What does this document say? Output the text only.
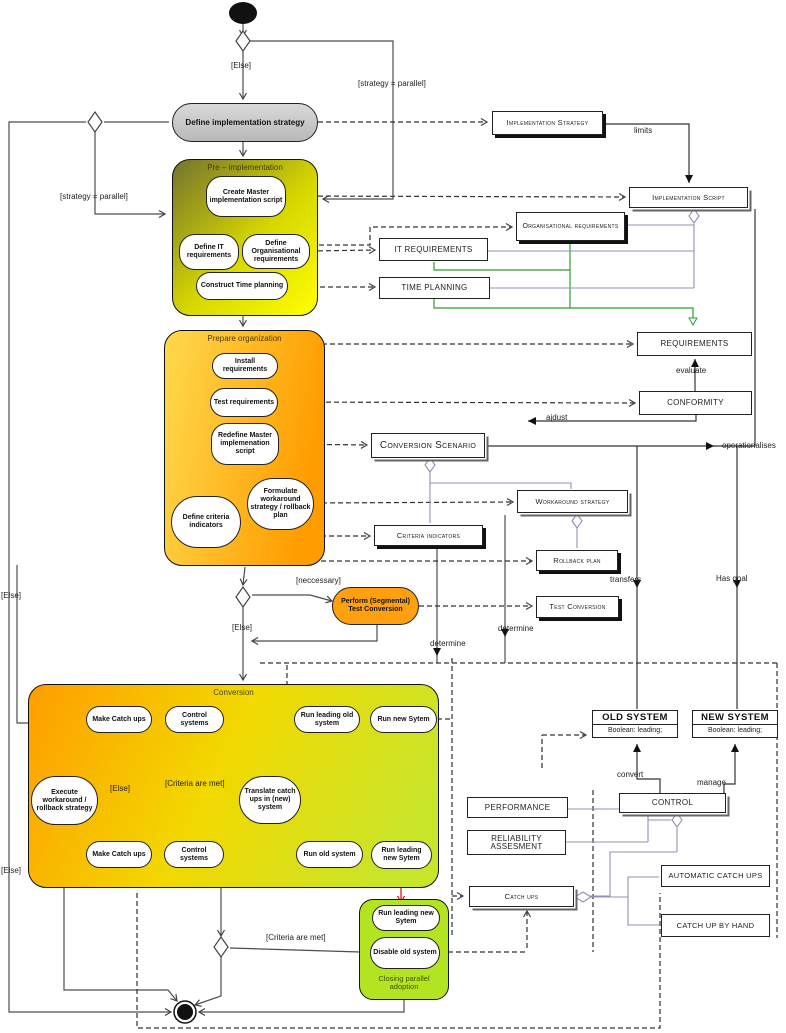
Pre – implementation
Prepare organization
Conversion
Closing parallel adoption
Define implementation strategy
Create Master implementation script
Define IT requirements
Define Organisational requirements
Construct Time planning
Install requirements
Test requirements
Redefine Master implemenation script
Define criteria indicators
Formulate workaround strategy / rollback plan
Perform (Segmental) Test Conversion
Make Catch ups
Control systems
Run leading old system
Run new Sytem
Execute workaround / rollback strategy
Translate catch ups in (new) system
Make Catch ups
Control systems
Run old system	Run leading new Sytem
Run leading new Sytem
Disable old system
Implementation Strategy
Implementation Script
Organisational requirements
IT REQUIREMENTS
TIME PLANNING
REQUIREMENTS
CONFORMITY
Conversion Scenario
Workaround strategy
Criteria indicators
Rollback plan
Test Conversion
OLD SYSTEM
Boolean: leading;
NEW SYSTEM
Boolean: leading;
PERFORMANCE
RELIABILITY ASSESMENT
CONTROL
Catch ups
AUTOMATIC CATCH UPS
CATCH UP BY HAND
[Else]
[strategy = parallel]
[strategy = parallel]
limits
evaluate
ajdust
operationalises
[neccessary]
[Else]
determine
determine
transfers	Has goal
[Else]
[Else]
[Else]
[Criteria are met]
[Criteria are met]
convert
manage
